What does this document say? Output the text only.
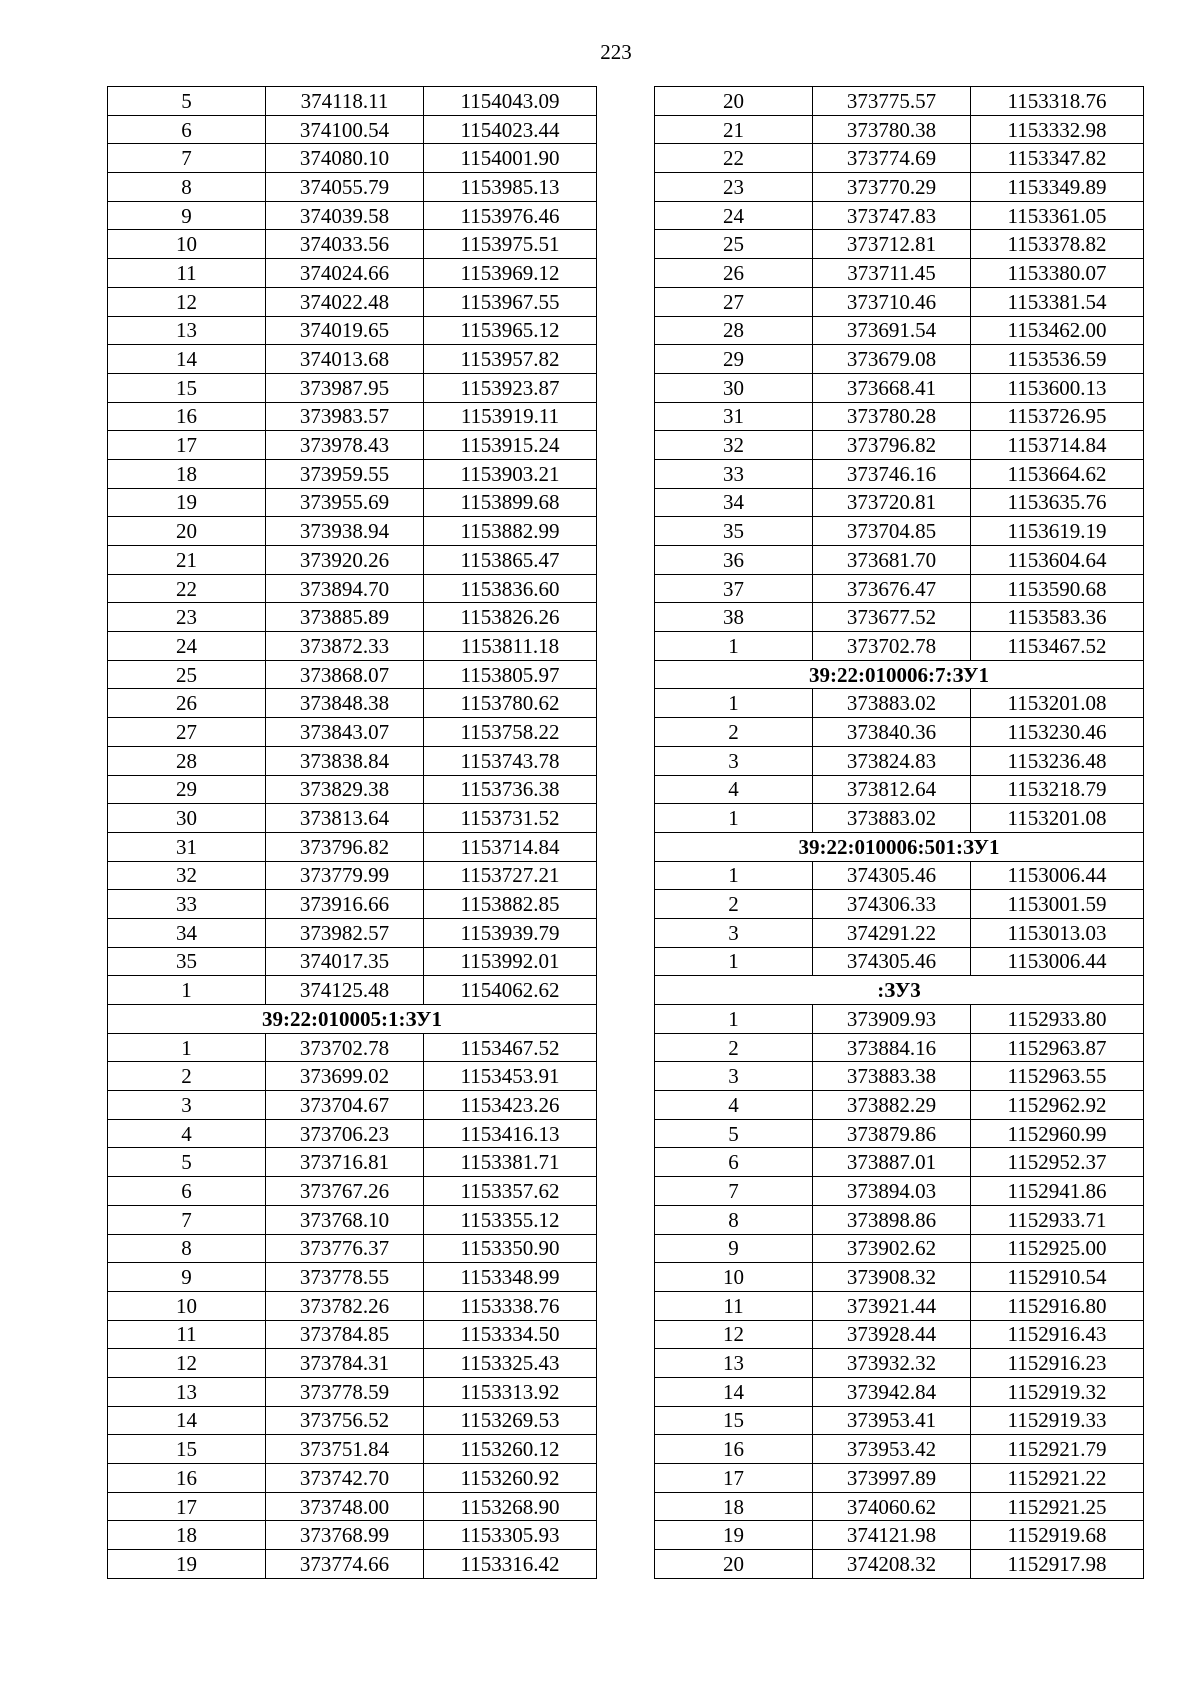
223
5	374118.11	1154043.09
6	374100.54	1154023.44
7	374080.10	1154001.90
8	374055.79	1153985.13
9	374039.58	1153976.46
10	374033.56	1153975.51
11	374024.66	1153969.12
12	374022.48	1153967.55
13	374019.65	1153965.12
14	374013.68	1153957.82
15	373987.95	1153923.87
16	373983.57	1153919.11
17	373978.43	1153915.24
18	373959.55	1153903.21
19	373955.69	1153899.68
20	373938.94	1153882.99
21	373920.26	1153865.47
22	373894.70	1153836.60
23	373885.89	1153826.26
24	373872.33	1153811.18
25	373868.07	1153805.97
26	373848.38	1153780.62
27	373843.07	1153758.22
28	373838.84	1153743.78
29	373829.38	1153736.38
30	373813.64	1153731.52
31	373796.82	1153714.84
32	373779.99	1153727.21
33	373916.66	1153882.85
34	373982.57	1153939.79
35	374017.35	1153992.01
1	374125.48	1154062.62
39:22:010005:1:ЗУ1		
1	373702.78	1153467.52
2	373699.02	1153453.91
3	373704.67	1153423.26
4	373706.23	1153416.13
5	373716.81	1153381.71
6	373767.26	1153357.62
7	373768.10	1153355.12
8	373776.37	1153350.90
9	373778.55	1153348.99
10	373782.26	1153338.76
11	373784.85	1153334.50
12	373784.31	1153325.43
13	373778.59	1153313.92
14	373756.52	1153269.53
15	373751.84	1153260.12
16	373742.70	1153260.92
17	373748.00	1153268.90
18	373768.99	1153305.93
19	373774.66	1153316.42
20	373775.57	1153318.76
21	373780.38	1153332.98
22	373774.69	1153347.82
23	373770.29	1153349.89
24	373747.83	1153361.05
25	373712.81	1153378.82
26	373711.45	1153380.07
27	373710.46	1153381.54
28	373691.54	1153462.00
29	373679.08	1153536.59
30	373668.41	1153600.13
31	373780.28	1153726.95
32	373796.82	1153714.84
33	373746.16	1153664.62
34	373720.81	1153635.76
35	373704.85	1153619.19
36	373681.70	1153604.64
37	373676.47	1153590.68
38	373677.52	1153583.36
1	373702.78	1153467.52
39:22:010006:7:ЗУ1		
1	373883.02	1153201.08
2	373840.36	1153230.46
3	373824.83	1153236.48
4	373812.64	1153218.79
1	373883.02	1153201.08
39:22:010006:501:ЗУ1		
1	374305.46	1153006.44
2	374306.33	1153001.59
3	374291.22	1153013.03
1	374305.46	1153006.44
:ЗУ3		
1	373909.93	1152933.80
2	373884.16	1152963.87
3	373883.38	1152963.55
4	373882.29	1152962.92
5	373879.86	1152960.99
6	373887.01	1152952.37
7	373894.03	1152941.86
8	373898.86	1152933.71
9	373902.62	1152925.00
10	373908.32	1152910.54
11	373921.44	1152916.80
12	373928.44	1152916.43
13	373932.32	1152916.23
14	373942.84	1152919.32
15	373953.41	1152919.33
16	373953.42	1152921.79
17	373997.89	1152921.22
18	374060.62	1152921.25
19	374121.98	1152919.68
20	374208.32	1152917.98
